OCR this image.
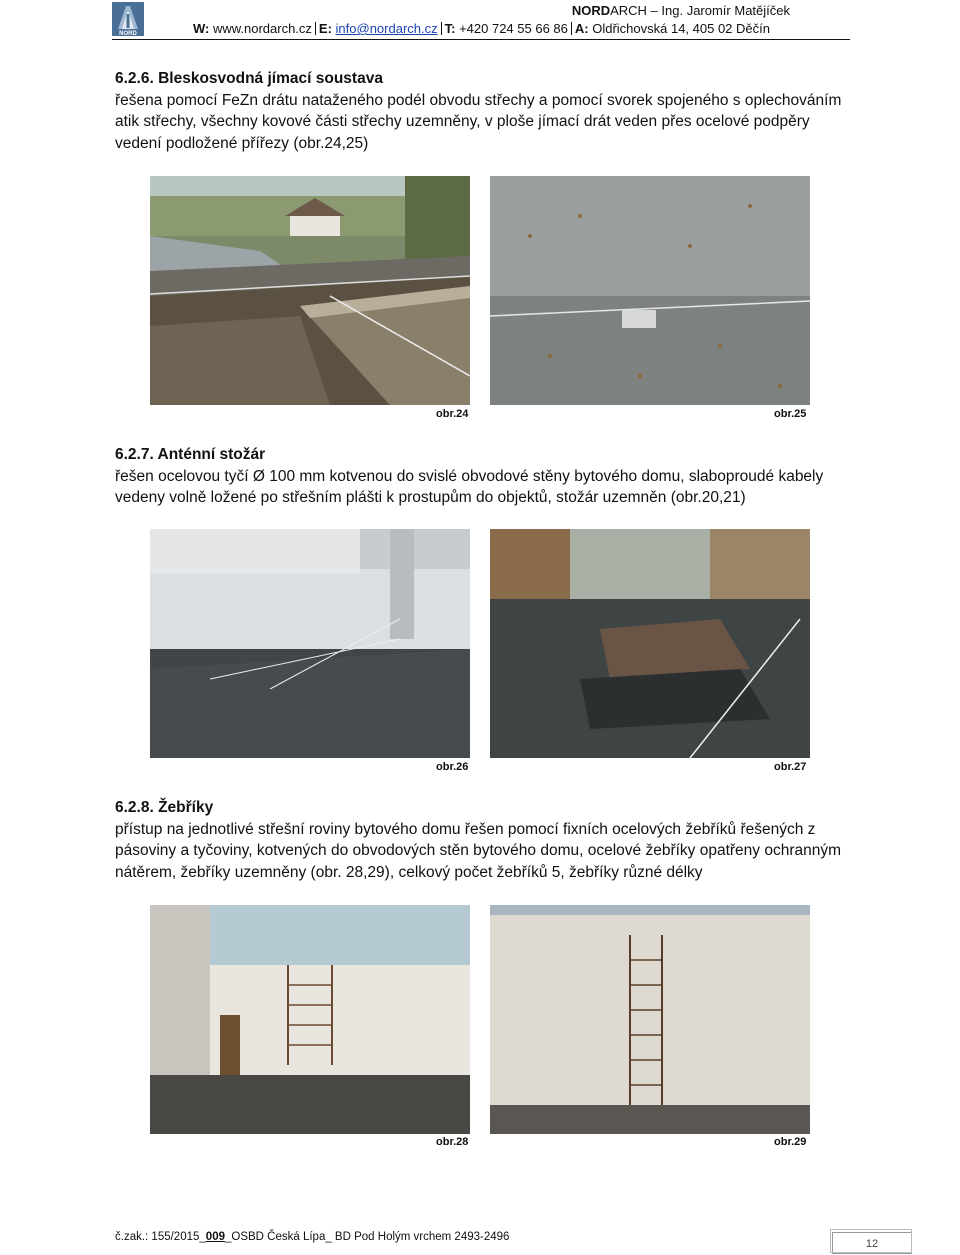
NORD
NORDARCH – Ing. Jaromír Matějíček
W: www.nordarch.cz E: info@nordarch.cz T: +420 724 55 66 86 A: Oldřichovská 14, 405 02 Děčín
6.2.6. Bleskosvodná jímací soustava

řešena pomocí FeZn drátu nataženého podél obvodu střechy a pomocí svorek spojeného s oplechováním atik střechy, všechny kovové části střechy uzemněny, v ploše jímací drát veden přes ocelové podpěry vedení podložené přířezy (obr.24,25)

obr.24	obr.25
6.2.7. Anténní stožár

řešen ocelovou tyčí Ø 100 mm kotvenou do svislé obvodové stěny bytového domu, slaboproudé kabely vedeny volně ložené po střešním plášti k prostupům do objektů, stožár uzemněn (obr.20,21)

obr.26	obr.27
6.2.8. Žebříky

přístup na jednotlivé střešní roviny bytového domu řešen pomocí fixních ocelových žebříků řešených z pásoviny a tyčoviny, kotvených do obvodových stěn bytového domu, ocelové žebříky opatřeny ochranným nátěrem, žebříky uzemněny (obr. 28,29), celkový počet žebříků 5, žebříky různé délky

obr.28	obr.29
č.zak.: 155/2015_009_OSBD Česká Lípa_ BD Pod Holým vrchem 2493-2496
12
